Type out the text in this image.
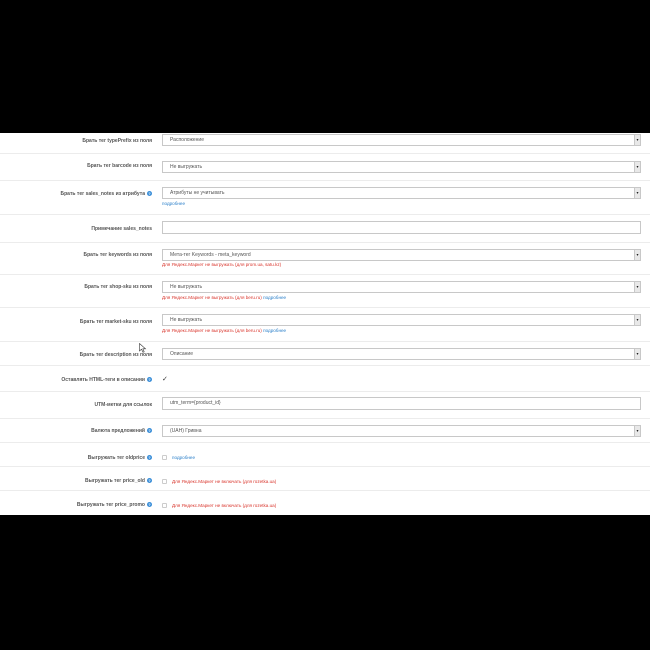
Брать тег typePrefix из поля	Расположение	▾
Брать тег barcode из поля	Не выгружать	▾
Брать тег sales_notes из атрибута ?	Атрибуты не учитывать	▾
подробнее
Примечание sales_notes
Брать тег keywords из поля	Мета-тег Keywords - meta_keyword	▾
Для Яндекс.Маркет не выгружать (для prom.ua, satu.kz)
Брать тег shop-sku из поля	Не выгружать	▾
Для Яндекс.Маркет не выгружать (для beru.ru) подробнее
Брать тег market-sku из поля	Не выгружать	▾
Для Яндекс.Маркет не выгружать (для beru.ru) подробнее
Брать тег description из поля	Описание	▾
Оставлять HTML-теги в описании ? ✓
UTM-метки для ссылок	utm_term={product_id}
Валюта предложений ?	(UAH) Гривна	▾
Выгружать тег oldprice ?	подробнее
Выгружать тег price_old ?	Для Яндекс.Маркет не включать (для rozetka.ua)
Выгружать тег price_promo ?	Для Яндекс.Маркет не включать (для rozetka.ua)
